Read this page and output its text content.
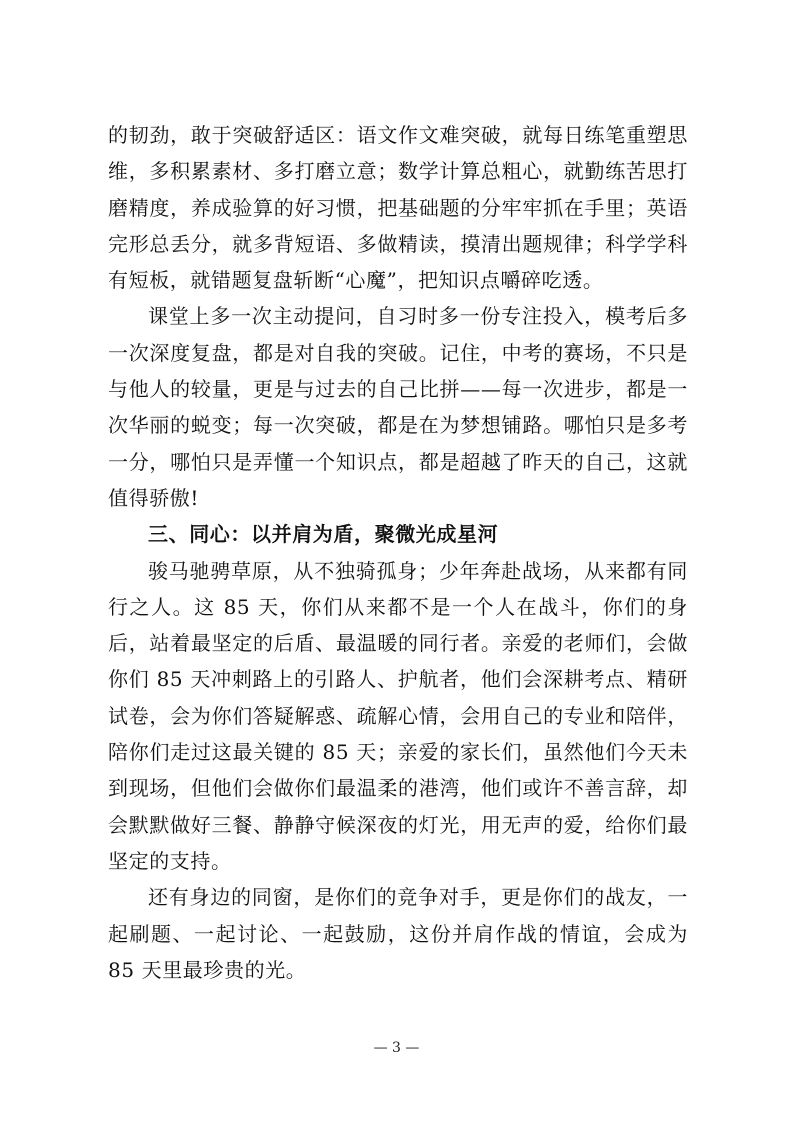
的韧劲，敢于突破舒适区：语文作文难突破，就每日练笔重塑思维，多积累素材、多打磨立意；数学计算总粗心，就勤练苦思打磨精度，养成验算的好习惯，把基础题的分牢牢抓在手里；英语完形总丢分，就多背短语、多做精读，摸清出题规律；科学学科有短板，就错题复盘斩断“心魔”，把知识点嚼碎吃透。

课堂上多一次主动提问，自习时多一份专注投入，模考后多一次深度复盘，都是对自我的突破。记住，中考的赛场，不只是与他人的较量，更是与过去的自己比拼——每一次进步，都是一次华丽的蜕变；每一次突破，都是在为梦想铺路。哪怕只是多考一分，哪怕只是弄懂一个知识点，都是超越了昨天的自己，这就值得骄傲!

三、同心：以并肩为盾，聚微光成星河

骏马驰骋草原，从不独骑孤身；少年奔赴战场，从来都有同行之人。这 85 天，你们从来都不是一个人在战斗，你们的身后，站着最坚定的后盾、最温暖的同行者。亲爱的老师们，会做你们 85 天冲刺路上的引路人、护航者，他们会深耕考点、精研试卷，会为你们答疑解惑、疏解心情，会用自己的专业和陪伴，陪你们走过这最关键的 85 天；亲爱的家长们，虽然他们今天未到现场，但他们会做你们最温柔的港湾，他们或许不善言辞，却会默默做好三餐、静静守候深夜的灯光，用无声的爱，给你们最坚定的支持。

还有身边的同窗，是你们的竞争对手，更是你们的战友，一起刷题、一起讨论、一起鼓励，这份并肩作战的情谊，会成为 85 天里最珍贵的光。

— 3 —
